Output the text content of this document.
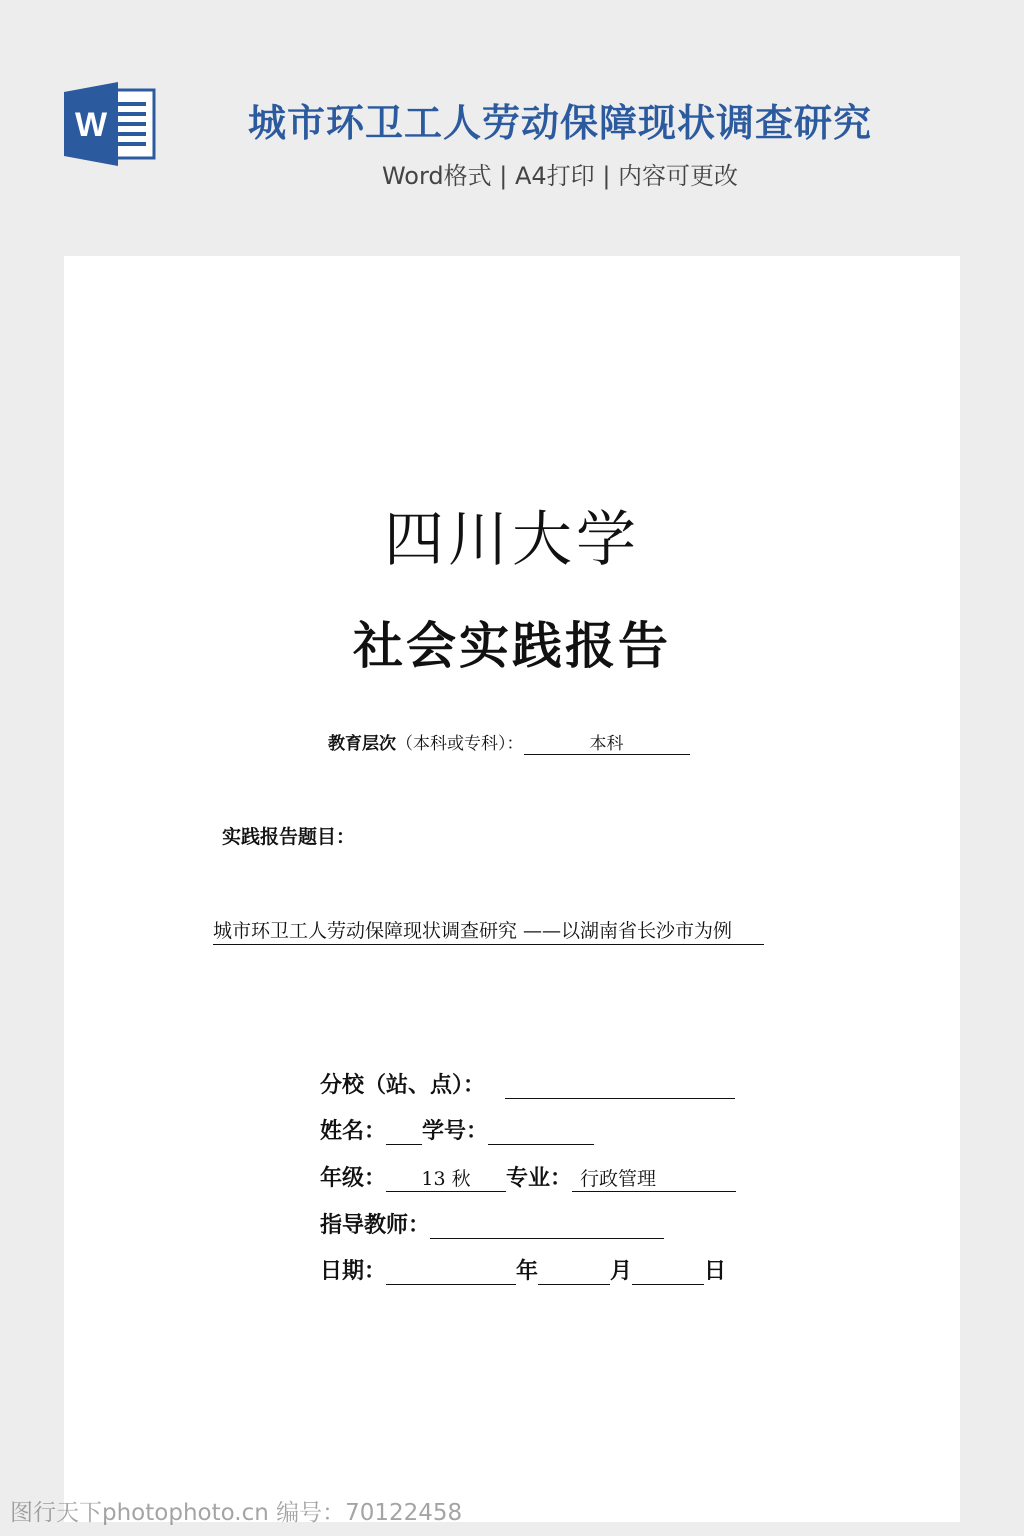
W	城市环卫工人劳动保障现状调查研究
Word格式 | A4打印 | 内容可更改
四川大学
社会实践报告
教育层次（本科或专科）：	本科
实践报告题目：
城市环卫工人劳动保障现状调查研究 ——以湖南省长沙市为例
分校（站、点）：
姓名： 学号：
年级： 13 秋 专业： 行政管理
指导教师：
日期：	年	月	日
图行天下photophoto.cn 编号：70122458
